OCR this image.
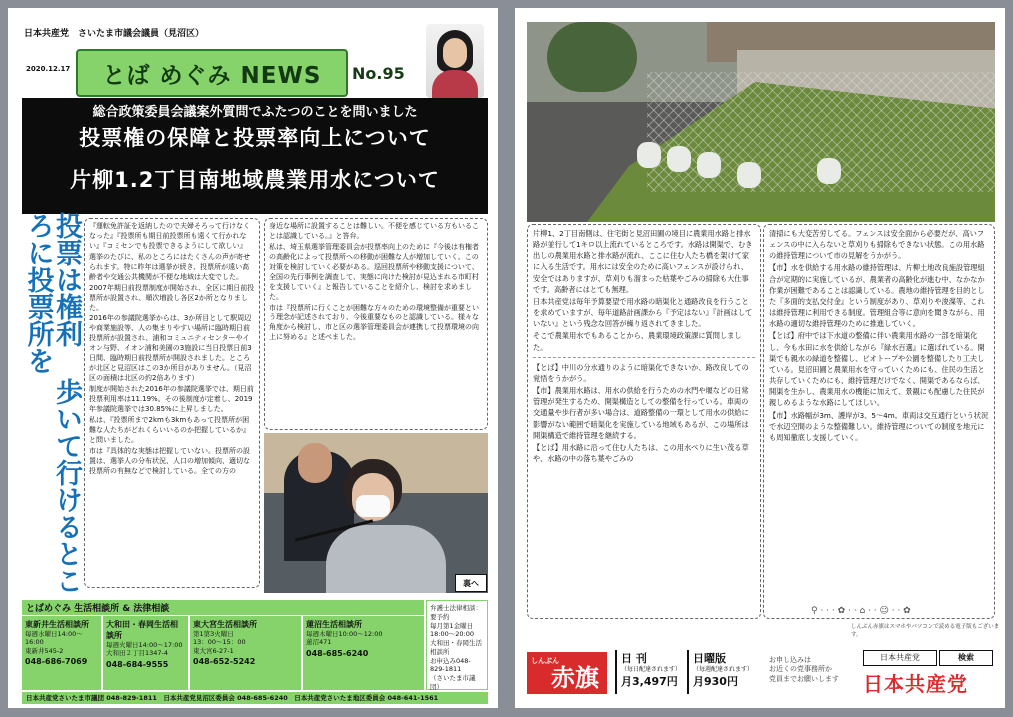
日本共産党　さいたま市議会議員（見沼区）
2020.12.17 とば めぐみ NEWS No.95
総合政策委員会議案外質問でふたつのことを問いました
投票権の保障と投票率向上について
片柳1.2丁目南地域農業用水について
投票は権利 歩いて行けるところに投票所を	『運転免許証を返納したので夫婦そろって行けなくなった』『投票所も期日前投票所も遠くて行かれない』『コミセンでも投票できるようにして欲しい』

選挙のたびに、私のところにはたくさんの声が寄せられます。特に昨年は選挙が続き、投票所が遠い高齢者や交通公共機関が不便な地域は大変でした。

2007年期日前投票制度が開始され、全区に期日前投票所が設置され、順次増設し各区2か所となりました。

2016年の参議院選挙からは、3か所目として駅周辺や商業施設等、人の集まりやすい場所に臨時期日前投票所が設置され、浦和コミュニティセンターやイオン与野、イオン浦和美園の3施設に当日投票日前3日間、臨時期日前投票所が開設されました。ところが北区と見沼区はこの3か所目がありません。（見沼区の面積は北区の約2倍あります）

制度が開始された2016年の参議院選挙では、期日前投票利用率は11.19%。その後制度が定着し、2019年参議院選挙では30.85%に上昇しました。

私は、『投票所まで2kmも3kmもあって投票所が困難な人たちがどれくらいいるのか把握しているか』と問いました。

市は『具体的な実態は把握していない。投票所の設置は、選挙人の分布状況、人口の増加傾向、適切な投票所の有無などで検討している。全ての方の

身近な場所に設置することは難しい。不便を感じている方もいることは認識している。』と答弁。

私は、埼玉県選挙管理委員会が投票率向上のために『今後は有権者の高齢化によって投票所への移動が困難な人が増加していく。この対策を検討していく必要がある。巡回投票所や移動支援について、全国の先行事例を調査して、実態に向けた検討が見込まれる市町村を支援していく』と報告していることを紹介し、検討を求めました。

市は『投票所に行くことが困難な方々のための環境整備が重要という理念が記述されており、今後重要なものと認識している。様々な角度から検討し、市と区の選挙管理委員会が連携して投票環境の向上に努める』と述べました。

裏へ
とばめぐみ 生活相談所 & 法律相談
東新井生活相談所
毎週水曜日14:00〜16:00
東新井545-2
048-686-7069
大和田・春岡生活相談所
毎週火曜日14:00〜17:00
大和田２丁目1347-4
048-684-9555
東大宮生活相談所
第1第3火曜日
13：00〜15：00
東大宮6-27-1
048-652-5242
蓮沼生活相談所
毎週木曜日10:00〜12:00
蓮沼471
048-685-6240
弁護士法律相談：要予約
毎月第1金曜日
18:00〜20:00
大和田・春岡生活相談所
お申込み048-829-1811
（さいたま市議団）
日本共産党さいたま市議団 048-829-1811　日本共産党見沼区委員会 048-685-6240　日本共産党さいたま地区委員会 048-641-1561

片柳1、2丁目南側は、住宅街と見沼田圃の境目に農業用水路と排水路が並行して1キロ以上流れているところです。水路は開渠で、むき出しの農業用水路と排水路が流れ、ここに住む人たち橋を架けて家に入る生活です。用水には安全のために高いフェンスが設けられ、安全ではありますが、草刈りも溜まった枯葉やごみの掃除も大仕事です。高齢者にはとても無理。

日本共産党は毎年予算要望で用水路の暗渠化と通路改良を行うことを求めていますが、毎年道路計画課から『予定はない』『計画はしていない』という残念な回答が繰り返されてきました。

そこで農業用水でもあることから、農業環境政策課に質問しました。

【とば】中川の分水通りのように暗渠化できないか、路改良しての覚悟をうかがう。

【市】農業用水路は、用水の供給を行うための水門や堰などの日常管理が発生するため、開渠構造としての整備を行っている。車両の交通量や歩行者が多い場合は、道路整備の一環として用水の供給に影響がない範囲で暗渠化を実施している地域もあるが、この場所は開渠構造で維持管理を継続する。

【とば】用水路に沿って住む人たちは、この用水べりに生い茂る草や、水路の中の落ち葉やごみの

清掃にも大変苦労してる。フェンスは安全面から必要だが、高いフェンスの中に入らないと草刈りも掃除もできない状態。この用水路の維持管理について市の見解をうかがう。

【市】水を供給する用水路の維持管理は、片柳土地改良施設管理組合が定期的に実施しているが、農業者の高齢化が進む中、なかなか作業が困難であることは認識している。農地の維持管理を目的とした『多面的支払交付金』という制度があり、草刈りや浚渫等、これは維持管理に利用できる制度。管理組合等に意向を聞きながら、用水路の適切な維持管理のために推進していく。

【とば】府中では下水道の整備に伴い農業用水路の一部を暗渠化し、今も水田に水を供給しながら『緑水百選』に選ばれている。開渠でも親水の緑道を整備し、ビオトープや公園を整備したり工夫している。見沼田圃と農業用水を守っていくためにも、住民の生活と共存していくためにも、維持管理だけでなく、開渠であるならば、開渠を生かし、農業用水の機能に加えて、景観にも配慮した住民が親しめるような水路にしてほしい。

【市】水路幅が3m、護岸が3、5〜4m。車両は交互通行という状況で水辺空間のような整備難しい。維持管理についての制度を地元にも周知徹底し支援していく。

⚲ · · · ✿ · · ⌂ · · ☺ · · ✿
しんぶん赤旗はスマホやパソコンで読める電子版もございます。
しんぶん
赤旗
日 刊
（毎日配達されます）
月3,497円
日曜版
（毎週配達されます）
月930円
お申し込みは
お近くの党事務所か
党員までお願いします
日本共産党	検索
日本共産党
